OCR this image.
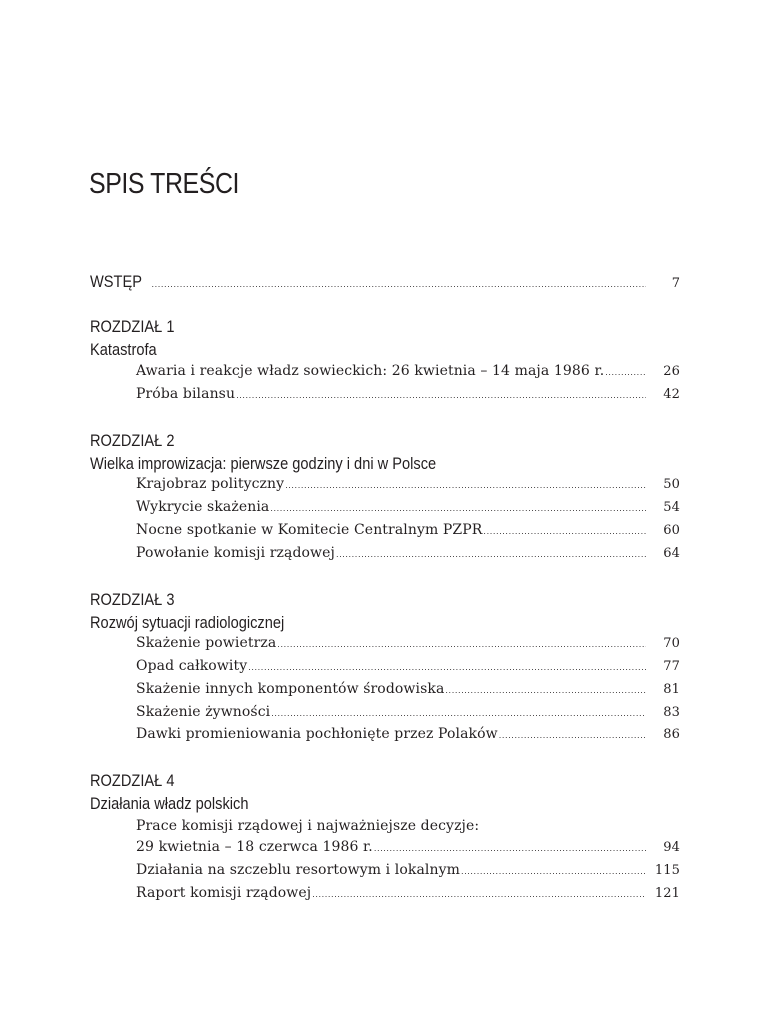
SPIS TREŚCI
WSTĘP .....	7
ROZDZIAŁ 1
Katastrofa
Awaria i reakcje władz sowieckich: 26 kwietnia – 14 maja 1986 r. .....	26
Próba bilansu .....	42
ROZDZIAŁ 2
Wielka improwizacja: pierwsze godziny i dni w Polsce
Krajobraz polityczny .....	50
Wykrycie skażenia .....	54
Nocne spotkanie w Komitecie Centralnym PZPR .....	60
Powołanie komisji rządowej .....	64
ROZDZIAŁ 3
Rozwój sytuacji radiologicznej
Skażenie powietrza .....	70
Opad całkowity .....	77
Skażenie innych komponentów środowiska .....	81
Skażenie żywności .....	83
Dawki promieniowania pochłonięte przez Polaków .....	86
ROZDZIAŁ 4
Działania władz polskich
Prace komisji rządowej i najważniejsze decyzje:
29 kwietnia – 18 czerwca 1986 r. .....	94
Działania na szczeblu resortowym i lokalnym .....	115
Raport komisji rządowej .....	121
